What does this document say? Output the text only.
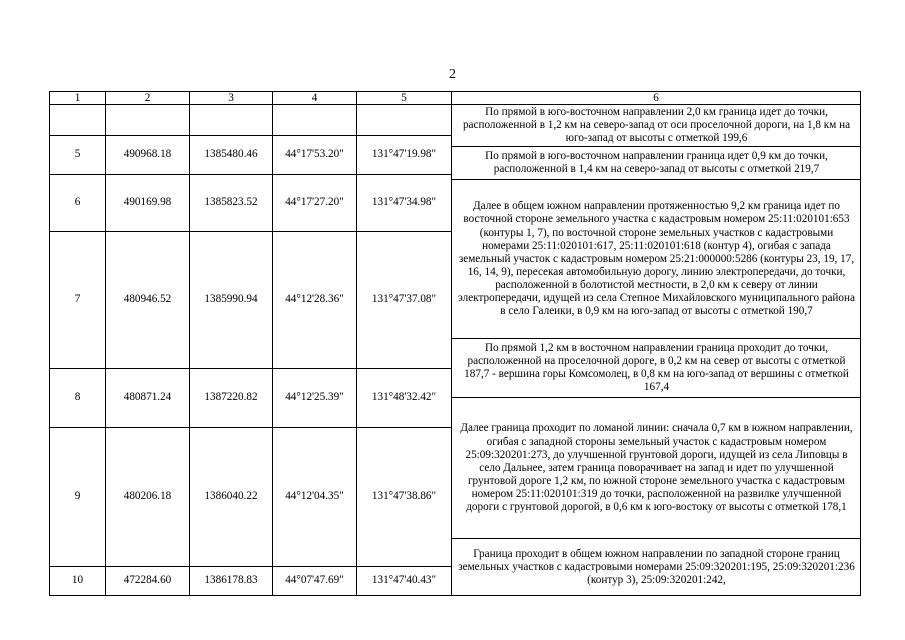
2
1	2	3	4	5	6
					По прямой в юго-восточном направлении 2,0 км граница идет до точки, расположенной в 1,2 км на северо-запад от оси проселочной дороги, на 1,8 км на юго-запад от высоты с отметкой 199,6

5	490968.18	1385480.46	44°17'53.20"	131°47'19.98"	
					По прямой в юго-восточном направлении граница идет 0,9 км до точки, расположенной в 1,4 км на северо-запад от высоты с отметкой 219,7

6	490169.98	1385823.52	44°17'27.20"	131°47'34.98"	
					Далее в общем южном направлении протяженностью 9,2 км граница идет по восточной стороне земельного участка с кадастровым номером 25:11:020101:653 (контуры 1, 7), по восточной стороне земельных участков с кадастровыми номерами 25:11:020101:617, 25:11:020101:618 (контур 4), огибая с запада земельный участок с кадастровым номером 25:21:000000:5286 (контуры 23, 19, 17, 16, 14, 9), пересекая автомобильную дорогу, линию электропередачи, до точки, расположенной в болотистой местности, в 2,0 км к северу от линии электропередачи, идущей из села Степное Михайловского муниципального района в село Галеики, в 0,9 км на юго-запад от высоты с отметкой 190,7

7	480946.52	1385990.94	44°12'28.36"	131°47'37.08"	
					По прямой 1,2 км в восточном направлении граница проходит до точки, расположенной на проселочной дороге, в 0,2 км на север от высоты с отметкой 187,7 - вершина горы Комсомолец, в 0,8 км на юго-запад от вершины с отметкой 167,4

8	480871.24	1387220.82	44°12'25.39"	131°48'32.42"	
					Далее граница проходит по ломаной линии: сначала 0,7 км в южном направлении, огибая с западной стороны земельный участок с кадастровым номером 25:09:320201:273, до улучшенной грунтовой дороги, идущей из села Липовцы в село Дальнее, затем граница поворачивает на запад и идет по улучшенной грунтовой дороге 1,2 км, по южной стороне земельного участка с кадастровым номером 25:11:020101:319 до точки, расположенной на развилке улучшенной дороги с грунтовой дорогой, в 0,6 км к юго-востоку от высоты с отметкой 178,1

9	480206.18	1386040.22	44°12'04.35"	131°47'38.86"	
					Граница проходит в общем южном направлении по западной стороне границ земельных участков с кадастровыми номерами 25:09:320201:195, 25:09:320201:236 (контур 3), 25:09:320201:242,

10	472284.60	1386178.83	44°07'47.69"	131°47'40.43"	
